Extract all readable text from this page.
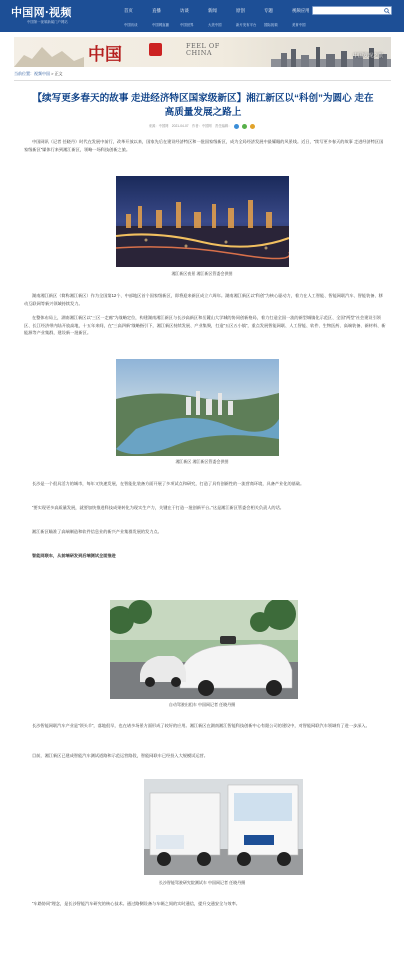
中国网·视频
中国第一视频新闻门户网站
首页	直播	访谈	新闻	原创	专题	视频应用
中国访谈	中国网直播	中国世界	大美中国	新片发布平台	国际视频	美育中国
中国	FEEL OF
CHINA	中国发现之旅
当前位置：视频中国 > 正文
【续写更多春天的故事 走进经济特区国家级新区】湘江新区以“科创”为圆心 走在高质量发展之路上
来源：中国网　2021-04-07　作者：中国网　责任编辑：
中国网讯（记者 任晓丹）时代在发展中前行，改革开放以来，国家先后在建设经济特区和一批国家级新区，成为全局经济发展中最耀眼的风景线。近日，“续写更多春天的故事 走进经济特区国家级新区”媒体行来到湘江新区，领略一场科技创新之旅。
湘江新区夜景 湘江新区管委会供图
湖南湘江新区（简称湘江新区）作为全国第12个、中部地区首个国家级新区，即将迎来新区成立六周年。湖南湘江新区以“科创”为核心驱动力，着力在人工智能、智能网联汽车、智能装备、移动互联网等新兴领域持续发力。
在整体布局上，湖南湘江新区以“三区一走廊”为战略定位，构建湖南湘江新区与长沙高新区和岳麓山大学城的协同创新格局，着力打造全国一流的新型城镇化示范区、全国“两型”社会建设引领区、长江经济带内陆开放高地，十五年来间，在“三高四新”战略指引下，湘江新区持续发展、产业集聚，打造“五区五小镇”，重点发展智能网联、人工智能、软件、生物医药、高端装备、新材料、新能源等产业集群，建设新一批新区。
湘江新区 湘江新区管委会供图
长沙是一个很具活力的城市，每年又快速发展，在智能化装备方面开展了多项试点和研究，打造了具有创新性的一流营商环境，具备产业化的基础。
“要实现更多高质量发展，就要加快推进科技成果转化为现实生产力，关键在于打造一批创新平台。”这是湘江新区管委会相关负责人的话。
湘江新区瞄准了高端制造和软件信息业的新兴产业集群发展的发力点。
智能网联车，从前端研发到后端测试全面推进
自动驾驶出租车 中国网记者 任晓丹摄
长沙智能网联汽车产业是“领头羊”，落地很早，也在诸多场景方面形成了较好的应用。湘江新区在湖南湘江智能科技创新中心有限公司的建设中，对智能网联汽车领域有了进一步深入。
目前，湘江新区已建成智能汽车测试道路和示范运营路段，智能网联车已经投入大规模试运营。
长沙智能驾驶研究院测试车 中国网记者 任晓丹摄
“车路协同”理念，是长沙智能汽车研究的核心技术。通过路侧设备与车辆之间的实时通信，提升交通安全与效率。
